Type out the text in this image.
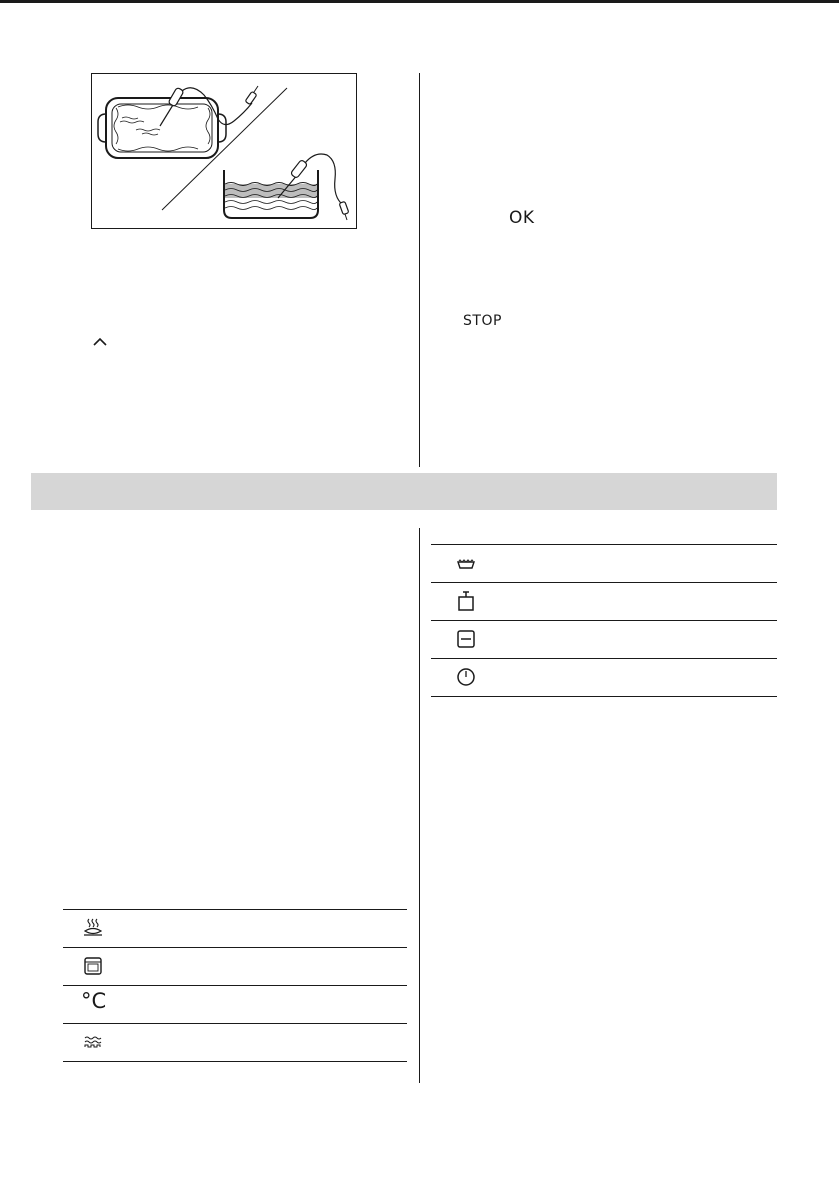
OK
STOP
°C
